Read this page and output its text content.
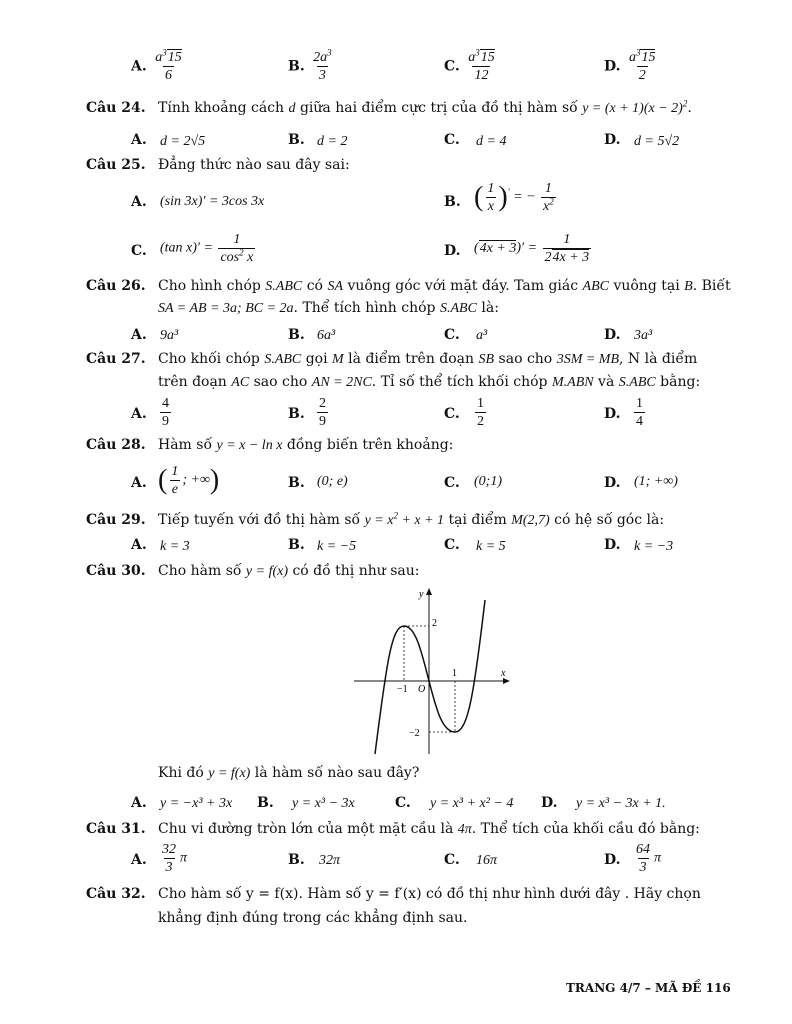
A. $\frac{a^315}{6}$	B. $\frac{2a^3}{3}$	C. $\frac{a^315}{12}$	D. $\frac{a^315}{2}$
Câu 24. Tính khoảng cách d giữa hai điểm cực trị của đồ thị hàm số $y = (x + 1)(x - 2)^2$.
A. d = 2√5	B. d = 2	C. d = 4	D. d = 5√2
Câu 25. Đẳng thức nào sau đây sai:
A. (sin 3x)′ = 3cos 3x	B. ( $\frac{1}{x} )'$ = − $\frac{1}{x^2}$
C. (tan $x)' = \frac{1}{\cos^2 x}$	D. $(4x + 3)' = \frac{1}{24x + 3}$
Câu 26. Cho hình chóp S.ABC có SA vuông góc với mặt đáy. Tam giác ABC vuông tại B. Biết
SA = AB = 3a; BC = 2a. Thể tích hình chóp S.ABC là:
A. 9a³	B. 6a³	C. a³	D. 3a³
Câu 27. Cho khối chóp S.ABC gọi M là điểm trên đoạn SB sao cho 3SM = MB, N là điểm
trên đoạn AC sao cho AN = 2NC. Tỉ số thể tích khối chóp M.ABN và S.ABC bằng:
A. $\frac{4}{9}$	B. $\frac{2}{9}$	C. $\frac{1}{2}$	D. $\frac{1}{4}$
Câu 28. Hàm số y = x − ln x đồng biến trên khoảng:
A. ( $\frac{1}{e}$ ; +∞)	B. (0; e)	C. (0;1)	D. (1; +∞)
Câu 29. Tiếp tuyến với đồ thị hàm số $y = x^2 + x + 1$ tại điểm M(2,7) có hệ số góc là:
A. k = 3	B. k = −5	C. k = 5	D. k = −3
Câu 30. Cho hàm số y = f(x) có đồ thị như sau:
y
x
2
−2
−1
1
O
Khi đó y = f(x) là hàm số nào sau đây?
A. y = −x³ + 3x B. y = x³ − 3x	C. y = x³ + x² − 4 D. y = x³ − 3x + 1.
Câu 31. Chu vi đường tròn lớn của một mặt cầu là 4π. Thể tích của khối cầu đó bằng:
A. $\frac{32}{3}$ π	B. 32π	C. 16π	D. $\frac{64}{3}$ π
Câu 32. Cho hàm số y = f(x). Hàm số y = f′(x) có đồ thị như hình dưới đây . Hãy chọn
khẳng định đúng trong các khẳng định sau.
TRANG 4/7 – MÃ ĐỀ 116
